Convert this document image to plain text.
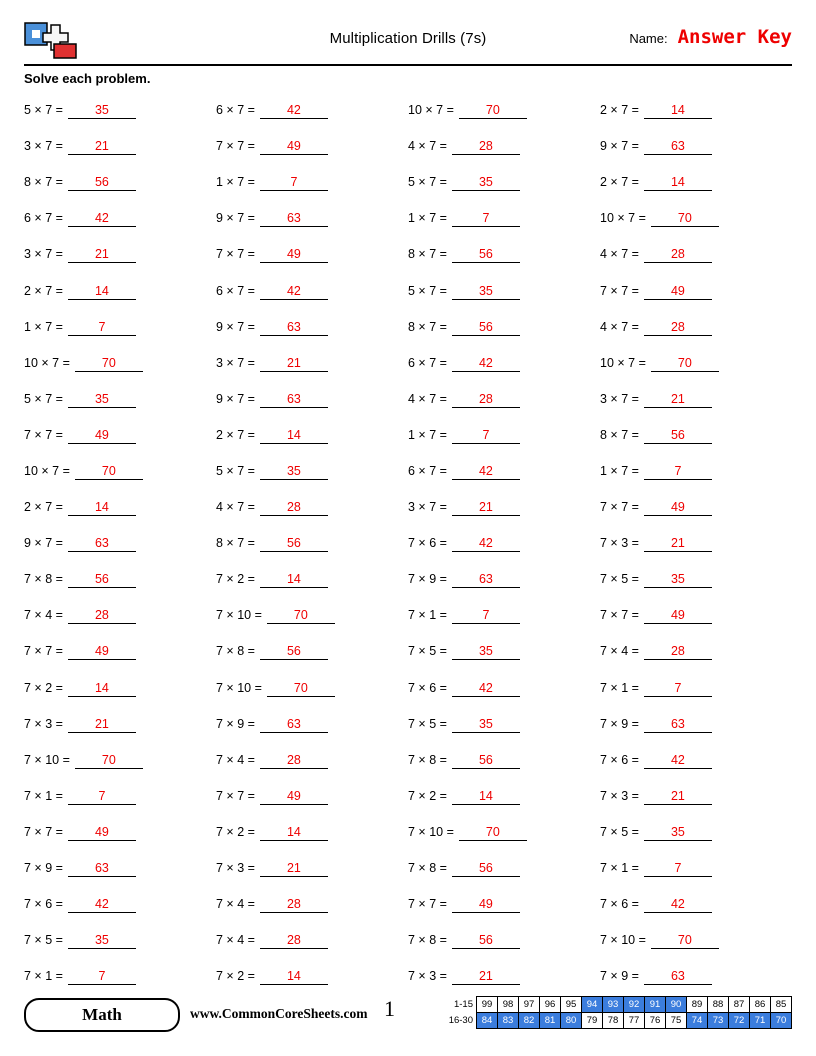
Multiplication Drills (7s)	Name: Answer Key
Solve each problem.
5 × 7 =	35	6 × 7 =	42	10 × 7 =	70	2 × 7 =	14
3 × 7 =	21	7 × 7 =	49	4 × 7 =	28	9 × 7 =	63
8 × 7 =	56	1 × 7 =	7	5 × 7 =	35	2 × 7 =	14
6 × 7 =	42	9 × 7 =	63	1 × 7 =	7	10 × 7 =	70
3 × 7 =	21	7 × 7 =	49	8 × 7 =	56	4 × 7 =	28
2 × 7 =	14	6 × 7 =	42	5 × 7 =	35	7 × 7 =	49
1 × 7 =	7	9 × 7 =	63	8 × 7 =	56	4 × 7 =	28
10 × 7 =	70	3 × 7 =	21	6 × 7 =	42	10 × 7 =	70
5 × 7 =	35	9 × 7 =	63	4 × 7 =	28	3 × 7 =	21
7 × 7 =	49	2 × 7 =	14	1 × 7 =	7	8 × 7 =	56
10 × 7 =	70	5 × 7 =	35	6 × 7 =	42	1 × 7 =	7
2 × 7 =	14	4 × 7 =	28	3 × 7 =	21	7 × 7 =	49
9 × 7 =	63	8 × 7 =	56	7 × 6 =	42	7 × 3 =	21
7 × 8 =	56	7 × 2 =	14	7 × 9 =	63	7 × 5 =	35
7 × 4 =	28	7 × 10 =	70	7 × 1 =	7	7 × 7 =	49
7 × 7 =	49	7 × 8 =	56	7 × 5 =	35	7 × 4 =	28
7 × 2 =	14	7 × 10 =	70	7 × 6 =	42	7 × 1 =	7
7 × 3 =	21	7 × 9 =	63	7 × 5 =	35	7 × 9 =	63
7 × 10 =	70	7 × 4 =	28	7 × 8 =	56	7 × 6 =	42
7 × 1 =	7	7 × 7 =	49	7 × 2 =	14	7 × 3 =	21
7 × 7 =	49	7 × 2 =	14	7 × 10 =	70	7 × 5 =	35
7 × 9 =	63	7 × 3 =	21	7 × 8 =	56	7 × 1 =	7
7 × 6 =	42	7 × 4 =	28	7 × 7 =	49	7 × 6 =	42
7 × 5 =	35	7 × 4 =	28	7 × 8 =	56	7 × 10 =	70
7 × 1 =	7	7 × 2 =	14	7 × 3 =	21	7 × 9 =	63
Math	www.CommonCoreSheets.com 1	1-15	99	98	97	96	95	94	93	92	91	90	89	88	87	86	85
16-30	84	83	82	81	80	79	78	77	76	75	74	73	72	71	70
